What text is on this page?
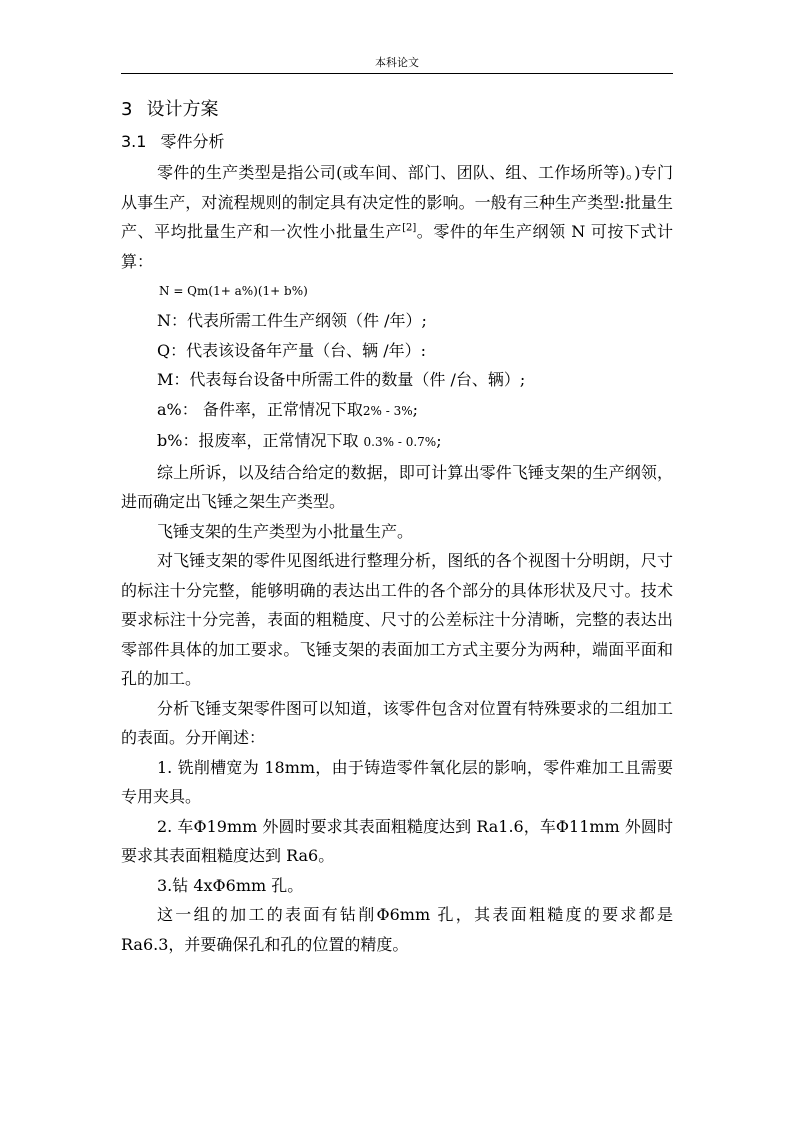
本科论文
3 设计方案
3.1 零件分析

零件的生产类型是指公司(或车间、部门、团队、组、工作场所等)。)专门从事生产，对流程规则的制定具有决定性的影响。一般有三种生产类型:批量生产、平均批量生产和一次性小批量生产[2]。零件的年生产纲领 N 可按下式计算：

N = Qm(1+ a%)(1+ b%)

N：代表所需工件生产纲领（件 /年）;

Q：代表该设备年产量（台、辆 /年）:

M：代表每台设备中所需工件的数量（件 /台、辆）;

a%： 备件率，正常情况下取2% - 3%;

b%：报废率，正常情况下取 0.3% - 0.7%;

综上所诉，以及结合给定的数据，即可计算出零件飞锤支架的生产纲领，进而确定出飞锤之架生产类型。

飞锤支架的生产类型为小批量生产。

对飞锤支架的零件见图纸进行整理分析，图纸的各个视图十分明朗，尺寸的标注十分完整，能够明确的表达出工件的各个部分的具体形状及尺寸。技术要求标注十分完善，表面的粗糙度、尺寸的公差标注十分清晰，完整的表达出零部件具体的加工要求。飞锤支架的表面加工方式主要分为两种，端面平面和孔的加工。

分析飞锤支架零件图可以知道，该零件包含对位置有特殊要求的二组加工的表面。分开阐述：

1. 铣削槽宽为 18mm，由于铸造零件氧化层的影响，零件难加工且需要专用夹具。

2. 车Φ19mm 外圆时要求其表面粗糙度达到 Ra1.6，车Φ11mm 外圆时要求其表面粗糙度达到 Ra6。

3.钻 4xΦ6mm 孔。

这一组的加工的表面有钻削Φ6mm 孔，其表面粗糙度的要求都是 Ra6.3，并要确保孔和孔的位置的精度。
